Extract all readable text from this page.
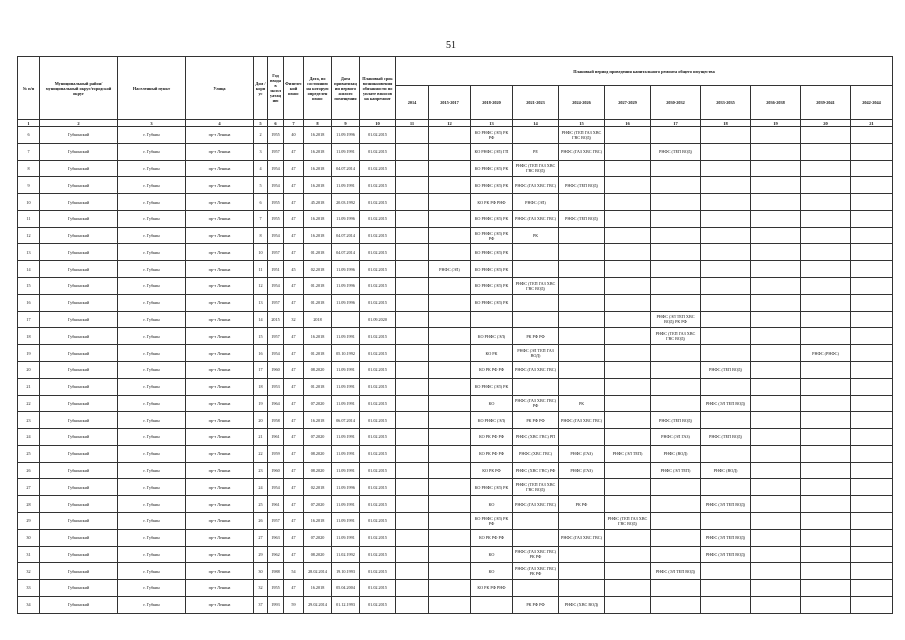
51
№ п/п	Муниципальный район/ муниципальный округ/городской округ	Населенный пункт	Улица	Дом / корпус	Год ввода в эксплуатацию	Физический износ	Дата, по состоянию на которую определен износ	Дата приватизации первого жилого помещения	Плановый срок возникновения обязанности по уплате взносов на капремонт	Плановый период проведения капитального ремонта общего имущества										
										2014	2015-2017	2018-2020	2021-2023	2024-2026	2027-2029	2030-2032	2033-2035	2036-2038	2039-2041	2042-2044
1	2	3	4	5	6	7	8	9	10	11	12	13	14	15	16	17	18	19	20	21
6	Губкинский	г. Губкин	пр-т Ленина	2	1955	40	16.2018	11.09.1996	01.02.2015			КО РНФС (ЭЛ) РК РФ		РНФС (ТЕП ГАЗ ХВС ГВС ВОД)						
7	Губкинский	г. Губкин	пр-т Ленина	3	1957	47	16.2018	11.09.1991	01.02.2015			КО РНФС (ЭЛ) ГП	РЕ	РНФС (ГАЗ ХВС ГВС)		РНФС (ТЕП ВОД)				
8	Губкинский	г. Губкин	пр-т Ленина	4	1954	47	16.2018	04.07.2014	01.02.2015			КО РНФС (ЭЛ) РК	РНФС (ТЕП ГАЗ ХВС ГВС ВОД)							
9	Губкинский	г. Губкин	пр-т Ленина	5	1954	47	16.2018	11.09.1991	01.02.2015			КО РНФС (ЭЛ) РК	РНФС (ГАЗ ХВС ГВС)	РНФС (ТЕП ВОД)						
10	Губкинский	г. Губкин	пр-т Ленина	6	1955	47	45.2018	20.03.1992	01.02.2015			КО РК РФ РНФ	РНФС (ЭЛ)							
11	Губкинский	г. Губкин	пр-т Ленина	7	1955	47	16.2018	11.09.1996	01.02.2015			КО РНФС (ЭЛ) РК	РНФС (ГАЗ ХВС ГВС)	РНФС (ТЕП ВОД)						
12	Губкинский	г. Губкин	пр-т Ленина	8	1954	47	16.2018	04.07.2014	01.02.2015			КО РНФС (ЭЛ) РК РФ	РК							
13	Губкинский	г. Губкин	пр-т Ленина	10	1957	47	01.2018	04.07.2014	01.02.2015			КО РНФС (ЭЛ) РК								
14	Губкинский	г. Губкин	пр-т Ленина	11	1951	45	02.2018	11.09.1996	01.02.2015		РНФС (ЭЛ)	КО РНФС (ЭЛ) РК								
15	Губкинский	г. Губкин	пр-т Ленина	12	1954	47	01.2018	11.09.1996	01.02.2015			КО РНФС (ЭЛ) РК	РНФС (ТЕП ГАЗ ХВС ГВС ВОД)							
16	Губкинский	г. Губкин	пр-т Ленина	13	1957	47	01.2018	11.09.1996	01.02.2015			КО РНФС (ЭЛ) РК								
17	Губкинский	г. Губкин	пр-т Ленина	14	2015	32	2018		01.09.2020							РНФС (ЭЛ ТЕП ХВС ВОД) РК РФ				
18	Губкинский	г. Губкин	пр-т Ленина	15	1957	47	16.2018	11.09.1991	01.02.2015			КО РНФС (ЭЛ)	РК РФ РФ			РНФС (ТЕП ГАЗ ХВС ГВС ВОД)				
19	Губкинский	г. Губкин	пр-т Ленина	16	1954	47	01.2018	05.10.1992	01.02.2015			КО РК	РНФС (ЭЛ ТЕП ГАЗ ВОД)						РНФС (РНФС)	
20	Губкинский	г. Губкин	пр-т Ленина	17	1960	47	08.2020	11.09.1991	01.02.2015			КО РК РФ РФ	РНФС (ГАЗ ХВС ГВС)				РНФС (ТЕП ВОД)			
21	Губкинский	г. Губкин	пр-т Ленина	18	1953	47	01.2018	11.09.1991	01.02.2015			КО РНФС (ЭЛ) РК								
22	Губкинский	г. Губкин	пр-т Ленина	19	1964	47	07.2020	11.09.1991	01.02.2015			КО	РНФС (ГАЗ ХВС ГВС) РФ	РК			РНФС (ЭЛ ТЕП ВОД)			
23	Губкинский	г. Губкин	пр-т Ленина	20	1958	47	16.2018	06.07.2014	01.02.2015			КО РНФС (ЭЛ)	РК РФ РФ	РНФС (ГАЗ ХВС ГВС)		РНФС (ТЕП ВОД)				
24	Губкинский	г. Губкин	пр-т Ленина	21	1961	47	07.2020	11.09.1991	01.02.2015			КО РК РФ РФ	РНФС (ХВС ГВС) РП			РНФС (ЭЛ ГАЗ)	РНФС (ТЕП ВОД)			
25	Губкинский	г. Губкин	пр-т Ленина	22	1959	47	08.2020	11.09.1991	01.02.2015			КО РК РФ РФ	РНФС (ХВС ГВС)	РНФС (ГАЗ)	РНФС (ЭЛ ТЕП)	РНФС (ВОД)				
26	Губкинский	г. Губкин	пр-т Ленина	23	1960	47	08.2020	11.09.1991	01.02.2015			КО РК РФ	РНФС (ХВС ГВС) РФ	РНФС (ГАЗ)		РНФС (ЭЛ ТЕП)	РНФС (ВОД)			
27	Губкинский	г. Губкин	пр-т Ленина	24	1954	47	02.2018	11.09.1996	01.02.2015			КО РНФС (ЭЛ) РК	РНФС (ТЕП ГАЗ ХВС ГВС ВОД)							
28	Губкинский	г. Губкин	пр-т Ленина	25	1961	47	07.2020	11.09.1991	01.02.2015			КО	РНФС (ГАЗ ХВС ГВС)	РК РФ			РНФС (ЭЛ ТЕП ВОД)			
29	Губкинский	г. Губкин	пр-т Ленина	26	1957	47	16.2018	11.09.1991	01.02.2015			КО РНФС (ЭЛ) РК РФ			РНФС (ТЕП ГАЗ ХВС ГВС ВОД)					
30	Губкинский	г. Губкин	пр-т Ленина	27	1963	47	07.2020	11.09.1991	01.02.2015			КО РК РФ РФ		РНФС (ГАЗ ХВС ГВС)			РНФС (ЭЛ ТЕП ВОД)			
31	Губкинский	г. Губкин	пр-т Ленина	29	1962	47	08.2020	11.02.1992	01.02.2015			КО	РНФС (ГАЗ ХВС ГВС) РК РФ				РНФС (ЭЛ ТЕП ВОД)			
32	Губкинский	г. Губкин	пр-т Ленина	30	1988	54	28.02.2014	19.10.1993	01.02.2015			КО	РНФС (ГАЗ ХВС ГВС) РК РФ			РНФС (ЭЛ ТЕП ВОД)				
33	Губкинский	г. Губкин	пр-т Ленина	32	1955	47	16.2018	05.04.2004	01.02.2015			КО РК РФ РНФ								
34	Губкинский	г. Губкин	пр-т Ленина	37	1993	59	29.02.2014	01.12.1993	01.02.2015				РК РФ РФ	РНФС (ХВС ВОД)						
